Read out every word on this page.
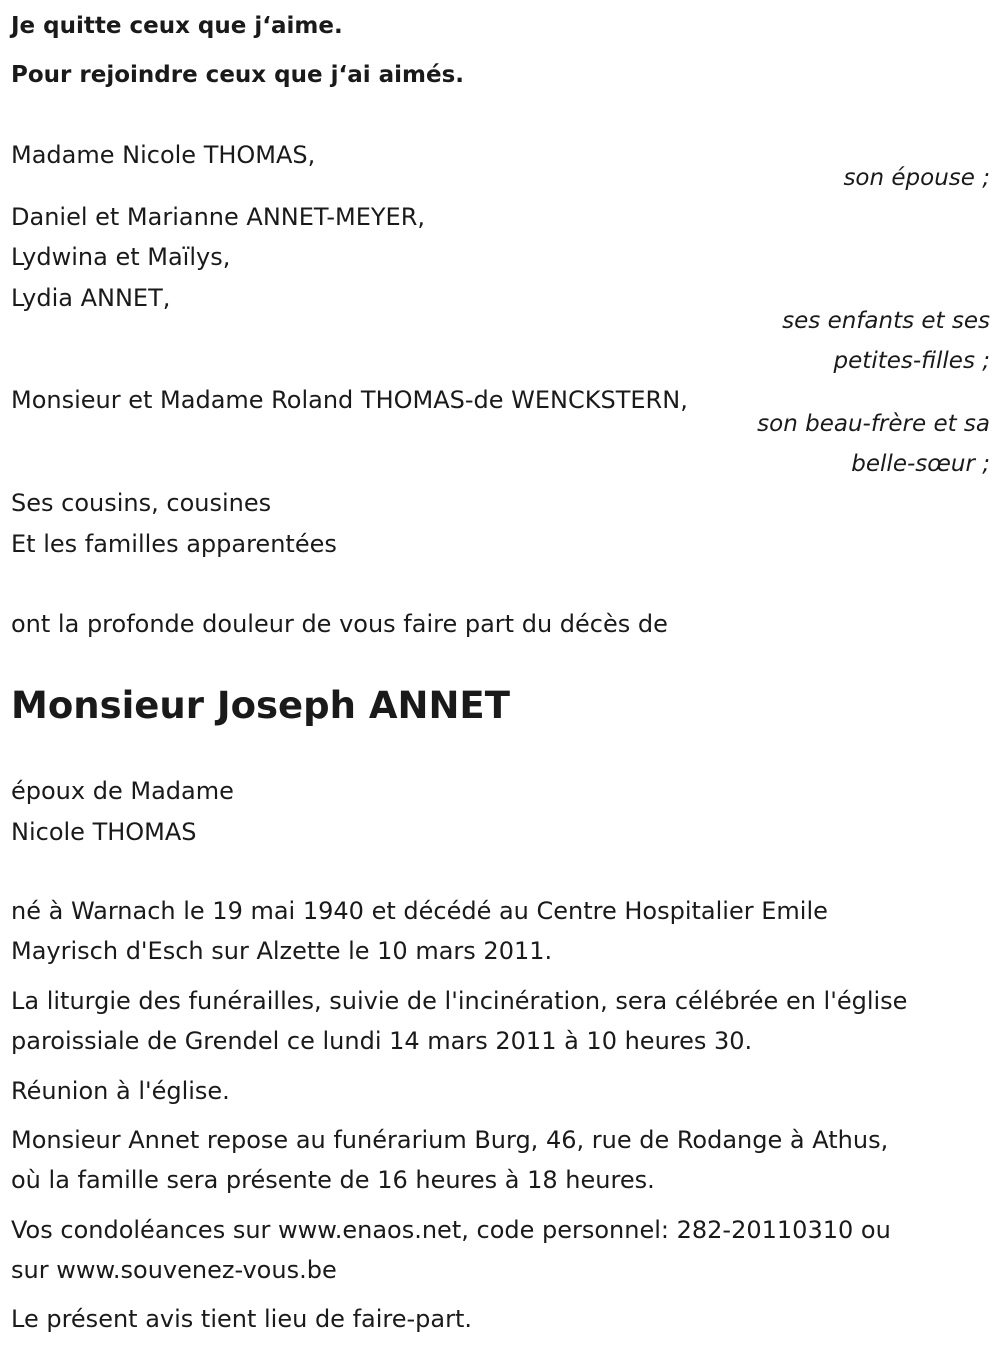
Je quitte ceux que j‘aime.
Pour rejoindre ceux que j‘ai aimés.
Madame Nicole THOMAS,
son épouse ;
Daniel et Marianne ANNET-MEYER,
Lydwina et Maïlys,
Lydia ANNET,
ses enfants et ses
petites-filles ;
Monsieur et Madame Roland THOMAS-de WENCKSTERN,
son beau-frère et sa
belle-sœur ;
Ses cousins, cousines
Et les familles apparentées
ont la profonde douleur de vous faire part du décès de
Monsieur Joseph ANNET
époux de Madame
Nicole THOMAS
né à Warnach le 19 mai 1940 et décédé au Centre Hospitalier Emile
Mayrisch d'Esch sur Alzette le 10 mars 2011.
La liturgie des funérailles, suivie de l'incinération, sera célébrée en l'église
paroissiale de Grendel ce lundi 14 mars 2011 à 10 heures 30.
Réunion à l'église.
Monsieur Annet repose au funérarium Burg, 46, rue de Rodange à Athus,
où la famille sera présente de 16 heures à 18 heures.
Vos condoléances sur www.enaos.net, code personnel: 282-20110310 ou
sur www.souvenez-vous.be
Le présent avis tient lieu de faire-part.
